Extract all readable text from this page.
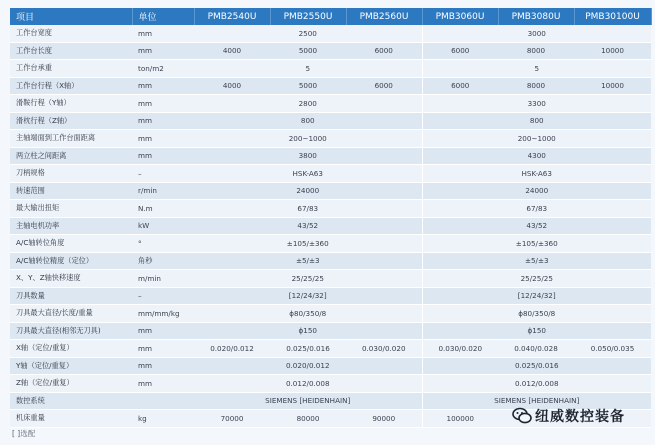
项目	单位	PMB2540U	PMB2550U	PMB2560U	PMB3060U	PMB3080U	PMB30100U
工作台宽度	mm	2500			3000		
工作台长度	mm	4000	5000	6000	6000	8000	10000
工作台承重	ton/m2	5			5		
工作台行程（X轴）	mm	4000	5000	6000	6000	8000	10000
滑鞍行程（Y轴）	mm	2800			3300		
滑枕行程（Z轴）	mm	800			800		
主轴端面到工作台面距离	mm	200~1000			200~1000		
两立柱之间距离	mm	3800			4300		
刀柄规格	–	HSK-A63			HSK-A63		
转速范围	r/min	24000			24000		
最大输出扭矩	N.m	67/83			67/83		
主轴电机功率	kW	43/52			43/52		
A/C轴转位角度	°	±105/±360			±105/±360		
A/C轴转位精度（定位）	角秒	±5/±3			±5/±3		
X、Y、Z轴快移速度	m/min	25/25/25			25/25/25		
刀具数量	–	[12/24/32]			[12/24/32]		
刀具最大直径/长度/重量	mm/mm/kg	ϕ80/350/8			ϕ80/350/8		
刀具最大直径(相邻无刀具)	mm	ϕ150			ϕ150		
X轴（定位/重复）	mm	0.020/0.012	0.025/0.016	0.030/0.020	0.030/0.020	0.040/0.028	0.050/0.035
Y轴（定位/重复）	mm	0.020/0.012			0.025/0.016		
Z轴（定位/重复）	mm	0.012/0.008			0.012/0.008		
数控系统		SIEMENS [HEIDENHAIN]			SIEMENS [HEIDENHAIN]		
机床重量	kg	70000	80000	90000	100000		
[ ]选配
纽威数控装备
